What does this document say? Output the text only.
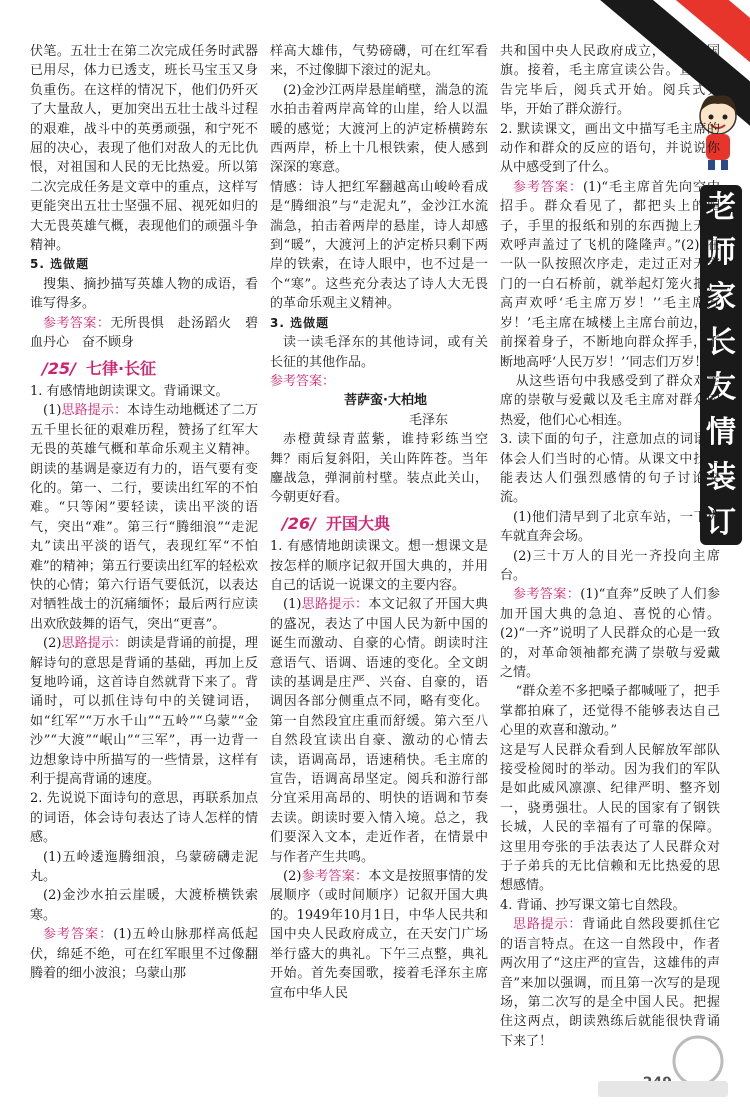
老师家长友情装订

伏笔。五壮士在第二次完成任务时武器已用尽，体力已透支，班长马宝玉又身负重伤。在这样的情况下，他们仍歼灭了大量敌人，更加突出五壮士战斗过程的艰难，战斗中的英勇顽强，和宁死不屈的决心，表现了他们对敌人的无比仇恨，对祖国和人民的无比热爱。所以第二次完成任务是文章中的重点，这样写更能突出五壮士坚强不屈、视死如归的大无畏英雄气概，表现他们的顽强斗争精神。

5. 选做题

搜集、摘抄描写英雄人物的成语，看谁写得多。

参考答案：无所畏惧　赴汤蹈火　碧血丹心　奋不顾身

/25/ 七律·长征

1. 有感情地朗读课文。背诵课文。

(1)思路提示：本诗生动地概述了二万五千里长征的艰难历程，赞扬了红军大无畏的英雄气概和革命乐观主义精神。朗读的基调是豪迈有力的，语气要有变化的。第一、二行，要读出红军的不怕难。“只等闲”要轻读，读出平淡的语气，突出“难”。第三行“腾细浪”“走泥丸”读出平淡的语气，表现红军“不怕难”的精神；第五行要读出红军的轻松欢快的心情；第六行语气要低沉，以表达对牺牲战士的沉痛缅怀；最后两行应读出欢欣鼓舞的语气，突出“更喜”。

(2)思路提示：朗读是背诵的前提，理解诗句的意思是背诵的基础，再加上反复地吟诵，这首诗自然就背下来了。背诵时，可以抓住诗句中的关键词语，如“红军”“万水千山”“五岭”“乌蒙”“金沙”“大渡”“岷山”“三军”，再一边背一边想象诗中所描写的一些情景，这样有利于提高背诵的速度。

2. 先说说下面诗句的意思，再联系加点的词语，体会诗句表达了诗人怎样的情感。

(1)五岭逶迤腾细浪，乌蒙磅礴走泥丸。

(2)金沙水拍云崖暖，大渡桥横铁索寒。

参考答案：(1)五岭山脉那样高低起伏，绵延不绝，可在红军眼里不过像翻腾着的细小波浪；乌蒙山那

样高大雄伟，气势磅礴，可在红军看来，不过像脚下滚过的泥丸。

(2)金沙江两岸悬崖峭壁，湍急的流水拍击着两岸高耸的山崖，给人以温暖的感觉；大渡河上的泸定桥横跨东西两岸，桥上十几根铁索，使人感到深深的寒意。

情感：诗人把红军翻越高山峻岭看成是“腾细浪”与“走泥丸”，金沙江水流湍急，拍击着两岸的悬崖，诗人却感到“暖”，大渡河上的泸定桥只剩下两岸的铁索，在诗人眼中，也不过是一个“寒”。这些充分表达了诗人大无畏的革命乐观主义精神。

3. 选做题

读一读毛泽东的其他诗词，或有关长征的其他作品。

参考答案：

菩萨蛮·大柏地

毛泽东

赤橙黄绿青蓝紫，谁持彩练当空舞？雨后复斜阳，关山阵阵苍。当年鏖战急，弹洞前村壁。装点此关山，今朝更好看。

/26/ 开国大典

1. 有感情地朗读课文。想一想课文是按怎样的顺序记叙开国大典的，并用自己的话说一说课文的主要内容。

(1)思路提示：本文记叙了开国大典的盛况，表达了中国人民为新中国的诞生而激动、自豪的心情。朗读时注意语气、语调、语速的变化。全文朗读的基调是庄严、兴奋、自豪的，语调因各部分侧重点不同，略有变化。第一自然段宜庄重而舒缓。第六至八自然段宜读出自豪、激动的心情去读，语调高昂，语速稍快。毛主席的宣告，语调高昂坚定。阅兵和游行部分宜采用高昂的、明快的语调和节奏去读。朗读时要入情入境。总之，我们要深入文本，走近作者，在情景中与作者产生共鸣。

(2)参考答案：本文是按照事情的发展顺序（或时间顺序）记叙开国大典的。1949年10月1日，中华人民共和国中央人民政府成立，在天安门广场举行盛大的典礼。下午三点整，典礼开始。首先奏国歌，接着毛泽东主席宣布中华人民

共和国中央人民政府成立，然后升国旗。接着，毛主席宣读公告。宣读公告完毕后，阅兵式开始。阅兵式完毕，开始了群众游行。

2. 默读课文，画出文中描写毛主席的动作和群众的反应的语句，并说说你从中感受到了什么。

参考答案：(1)“毛主席首先向空中招手。群众看见了，都把头上的帽子，手里的报纸和别的东西抛上天，欢呼声盖过了飞机的隆隆声。”(2)“在一队一队按照次序走，走过正对天安门的一白石桥前，就举起灯笼火把，高声欢呼‘毛主席万岁！’‘毛主席万岁！’毛主席在城楼上主席台前边，向前探着身子，不断地向群众挥手，不断地高呼‘人民万岁！’‘同志们万岁！’”

从这些语句中我感受到了群众对主席的崇敬与爱戴以及毛主席对群众的热爱，他们心心相连。

3. 读下面的句子，注意加点的词语，体会人们当时的心情。从课文中找出能表达人们强烈感情的句子讨论交流。

(1)他们清早到了北京车站，一下火车就直奔会场。

(2)三十万人的目光一齐投向主席台。

参考答案：(1)“直奔”反映了人们参加开国大典的急迫、喜悦的心情。(2)“一齐”说明了人民群众的心是一致的，对革命领袖都充满了崇敬与爱戴之情。

“群众差不多把嗓子都喊哑了，把手掌都拍麻了，还觉得不能够表达自己心里的欢喜和激动。”

这是写人民群众看到人民解放军部队接受检阅时的举动。因为我们的军队是如此威风凛凛、纪律严明、整齐划一，骁勇强壮。人民的国家有了钢铁长城，人民的幸福有了可靠的保障。这里用夸张的手法表达了人民群众对于子弟兵的无比信赖和无比热爱的思想感情。

4. 背诵、抄写课文第七自然段。

思路提示：背诵此自然段要抓住它的语言特点。在这一自然段中，作者两次用了“这庄严的宣告，这雄伟的声音”来加以强调，而且第一次写的是现场，第二次写的是全中国人民。把握住这两点，朗读熟练后就能很快背诵下来了！
